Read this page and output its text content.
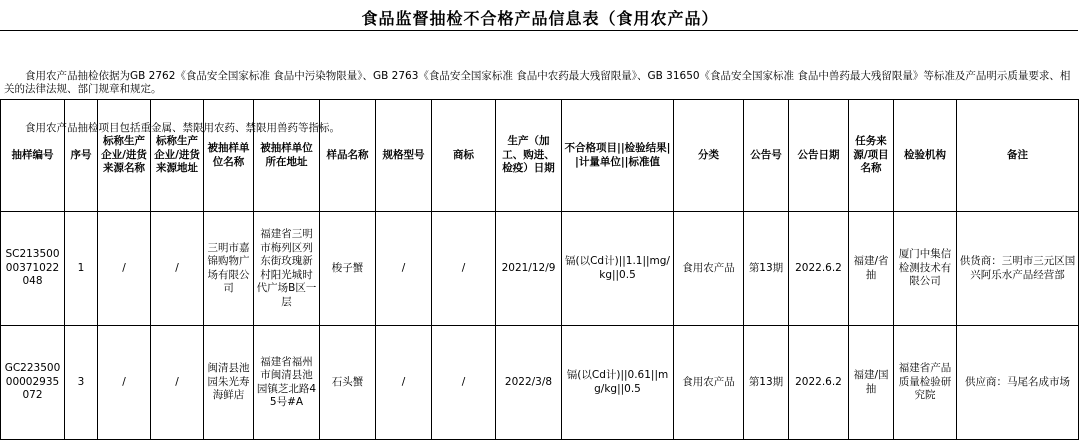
食品监督抽检不合格产品信息表（食用农产品）

食用农产品抽检依据为GB 2762《食品安全国家标准 食品中污染物限量》、GB 2763《食品安全国家标准 食品中农药最大残留限量》、GB 31650《食品安全国家标准 食品中兽药最大残留限量》等标准及产品明示质量要求、相关的法律法规、部门规章和规定。

食用农产品抽检项目包括重金属、禁限用农药、禁限用兽药等指标。

抽样编号	序号	标称生产企业/进货来源名称	标称生产企业/进货来源地址	被抽样单位名称	被抽样单位所在地址	样品名称	规格型号	商标	生产（加工、购进、检疫）日期	不合格项目||检验结果||计量单位||标准值	分类	公告号	公告日期	任务来源/项目名称	检验机构	备注
SC21350000371022048	1	/	/	三明市嘉锦购物广场有限公司	福建省三明市梅列区列东街玫瑰新村阳光城时代广场B区一层	梭子蟹	/	/	2021/12/9	镉(以Cd计)||1.1||mg/kg||0.5	食用农产品	第13期	2022.6.2	福建/省抽	厦门中集信检测技术有限公司	供货商：三明市三元区国兴阿乐水产品经营部
GC22350000002935072	3	/	/	闽清县池园朱光寿海鲜店	福建省福州市闽清县池园镇芝北路45号#A	石头蟹	/	/	2022/3/8	镉(以Cd计)||0.61||mg/kg||0.5	食用农产品	第13期	2022.6.2	福建/国抽	福建省产品质量检验研究院	供应商：马尾名成市场
